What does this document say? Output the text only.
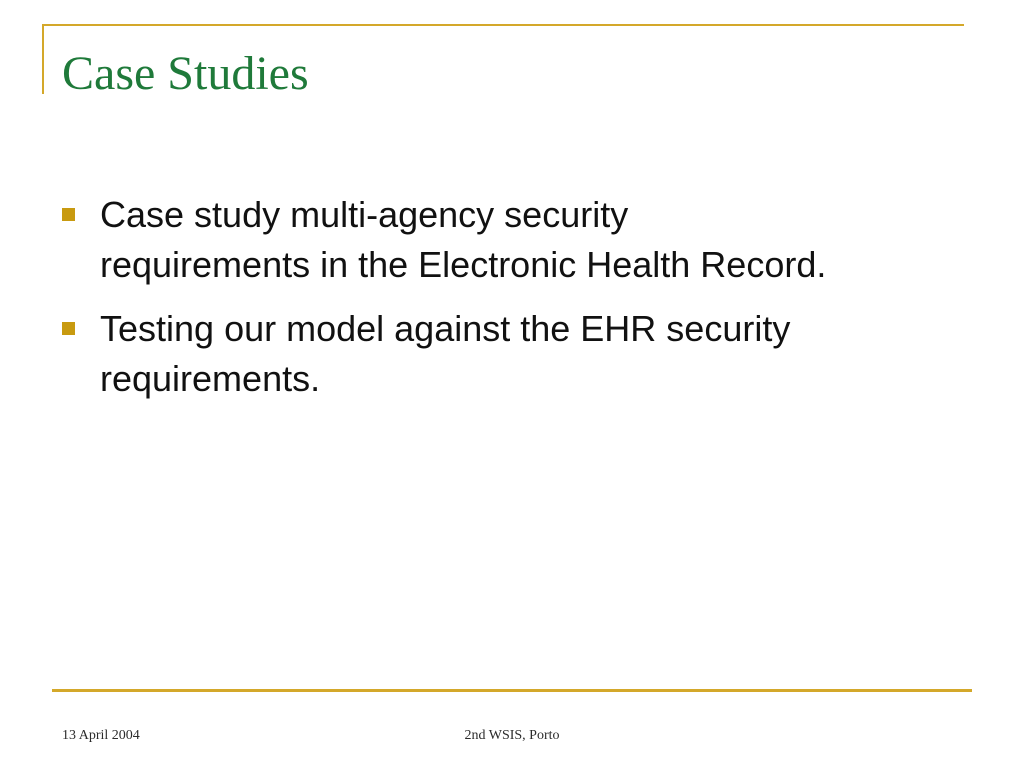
Case Studies
Case study multi-agency security
requirements in the Electronic Health Record.
Testing our model against the EHR security
requirements.
13 April 2004	2nd WSIS, Porto
